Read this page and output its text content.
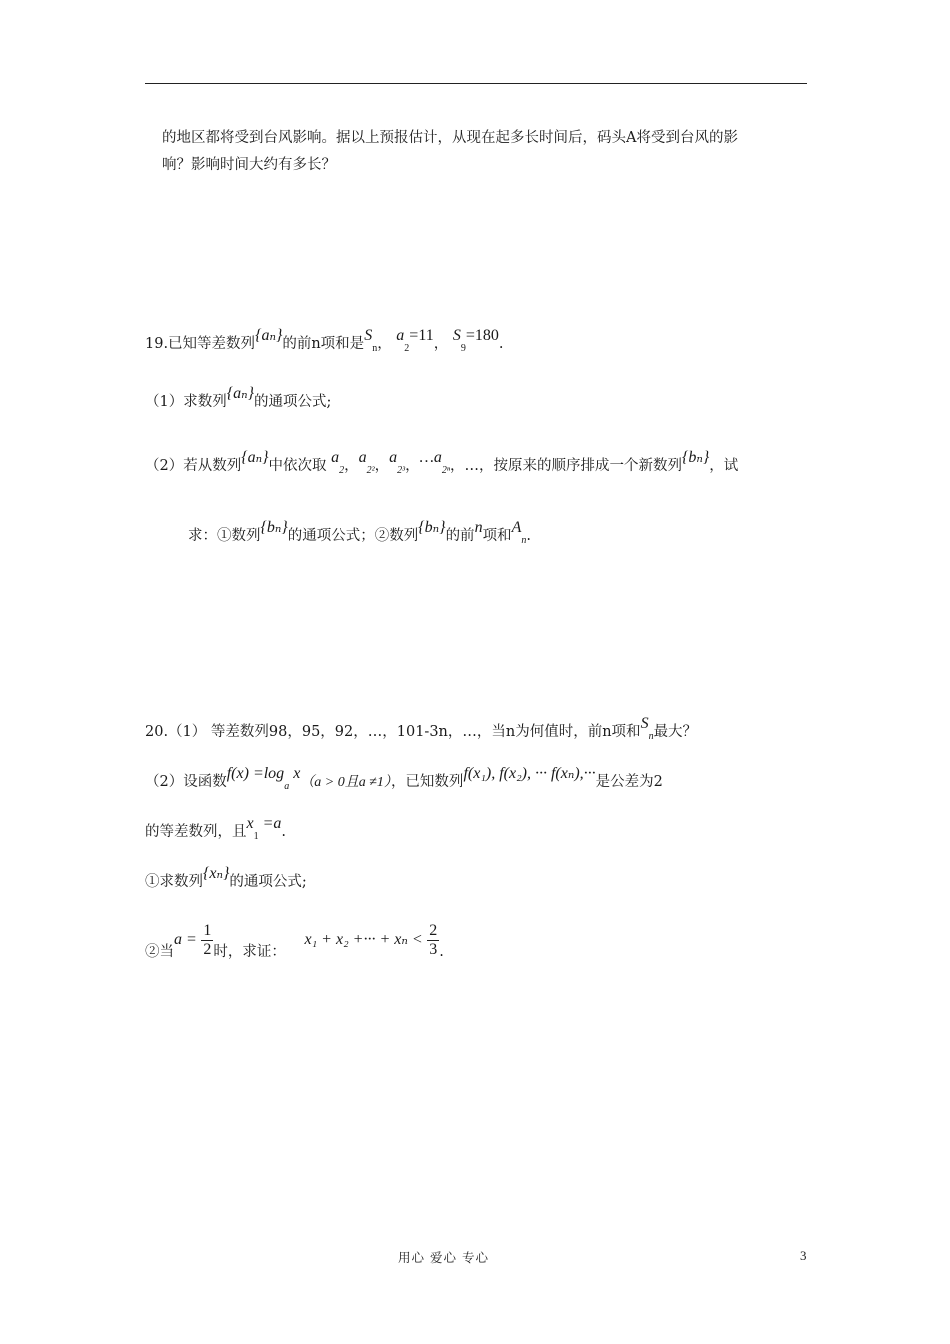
的地区都将受到台风影响。据以上预报估计，从现在起多长时间后，码头A将受到台风的影
响？影响时间大约有多长？
19.已知等差数列{aₙ}的前n项和是$S_n$， $a_2=11$， $S_9=180$.
（1）求数列{aₙ}的通项公式;
（2）若从数列{aₙ}中依次取 $a_2$，$a_{2^2}$，$a_{2^3}$，$\dots a_{2^n}$，…，按原来的顺序排成一个新数列{bₙ}，试
求：①数列{bₙ}的通项公式；②数列{bₙ}的前n项和$A_n$.
20.（1） 等差数列98，95，92，…，101-3n，…，当n为何值时，前n项和$S_n$最大？
（2）设函数$f(x) =\log_a$ x（a > 0且a ≠1），已知数列f(x₁), f(x₂), ··· f(xₙ),···是公差为2
的等差数列，且$x_1 =a$.
①求数列{xₙ}的通项公式;
②当$a = \frac{1}{2}$ 时，求证： x₁ + x₂ +··· + $x_n < \frac{2}{3}$ .
用心 爱心 专心	3
